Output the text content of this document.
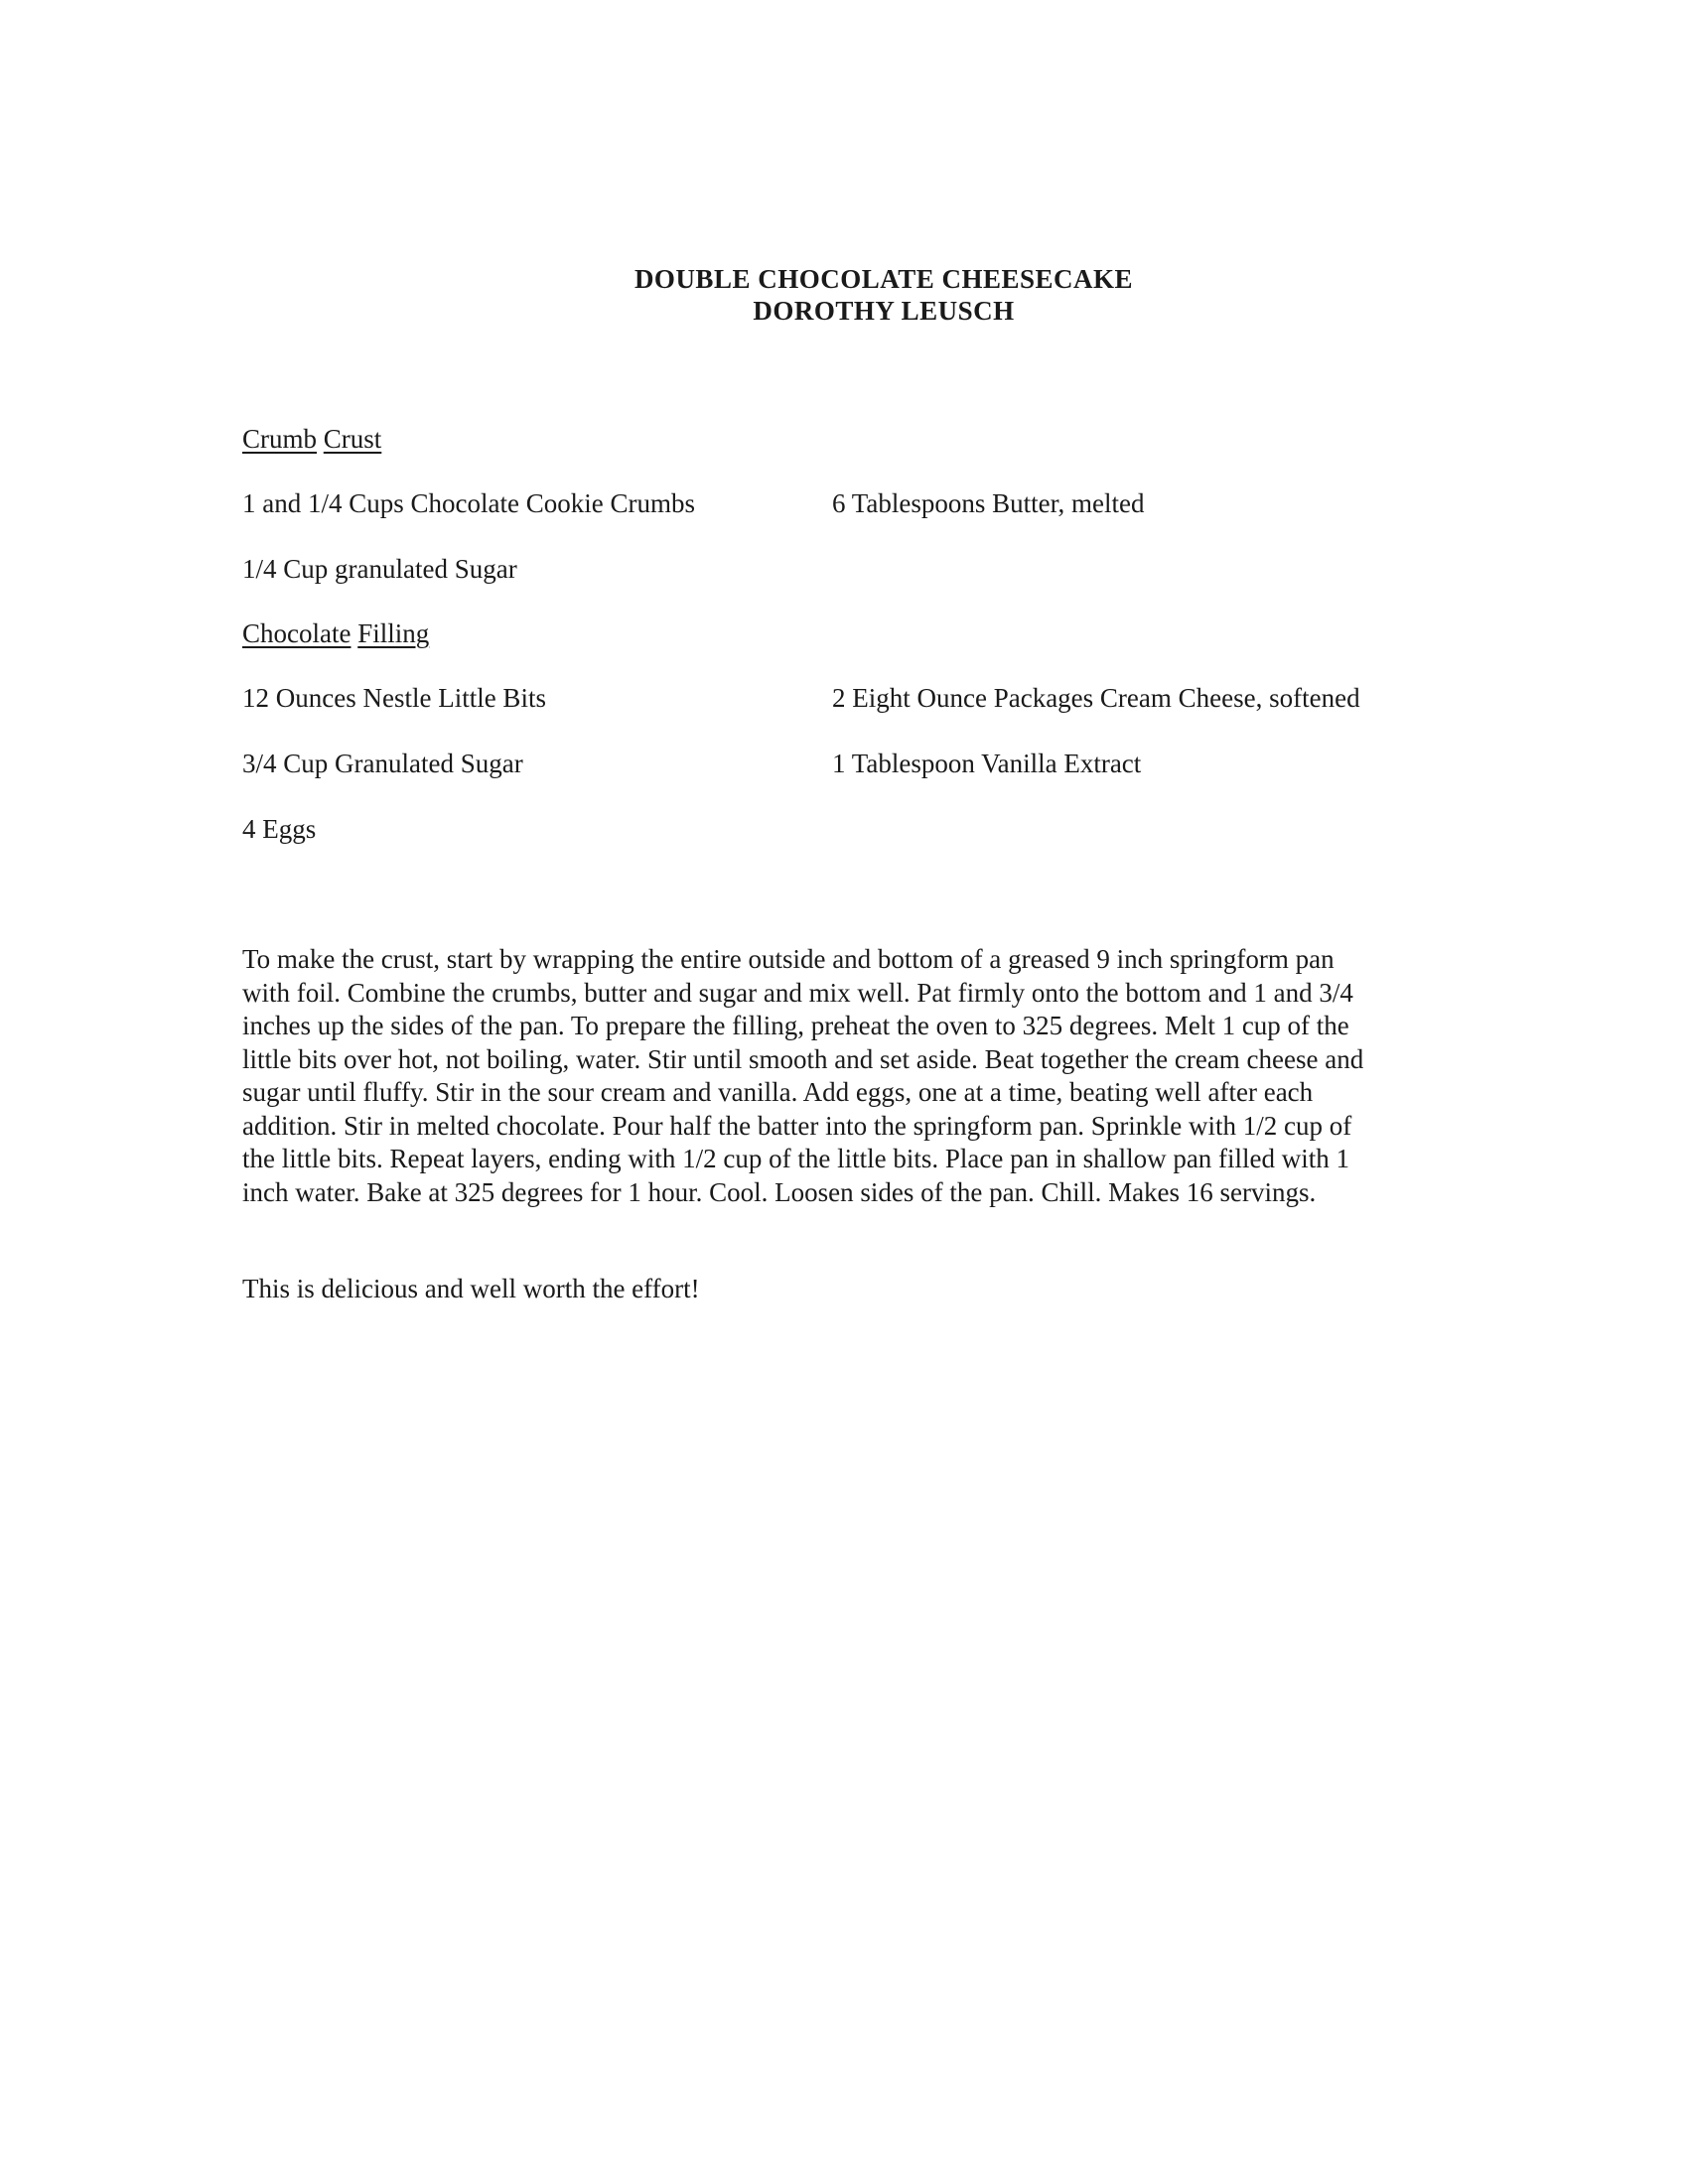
DOUBLE CHOCOLATE CHEESECAKE
DOROTHY LEUSCH
Crumb Crust
1 and 1/4 Cups Chocolate Cookie Crumbs	6 Tablespoons Butter, melted
1/4 Cup granulated Sugar
Chocolate Filling
12 Ounces Nestle Little Bits	2 Eight Ounce Packages Cream Cheese, softened
3/4 Cup Granulated Sugar	1 Tablespoon Vanilla Extract
4 Eggs
To make the crust, start by wrapping the entire outside and bottom of a greased 9 inch springform pan
with foil. Combine the crumbs, butter and sugar and mix well. Pat firmly onto the bottom and 1 and 3/4
inches up the sides of the pan. To prepare the filling, preheat the oven to 325 degrees. Melt 1 cup of the
little bits over hot, not boiling, water. Stir until smooth and set aside. Beat together the cream cheese and
sugar until fluffy. Stir in the sour cream and vanilla. Add eggs, one at a time, beating well after each
addition. Stir in melted chocolate. Pour half the batter into the springform pan. Sprinkle with 1/2 cup of
the little bits. Repeat layers, ending with 1/2 cup of the little bits. Place pan in shallow pan filled with 1
inch water. Bake at 325 degrees for 1 hour. Cool. Loosen sides of the pan. Chill. Makes 16 servings.
This is delicious and well worth the effort!
